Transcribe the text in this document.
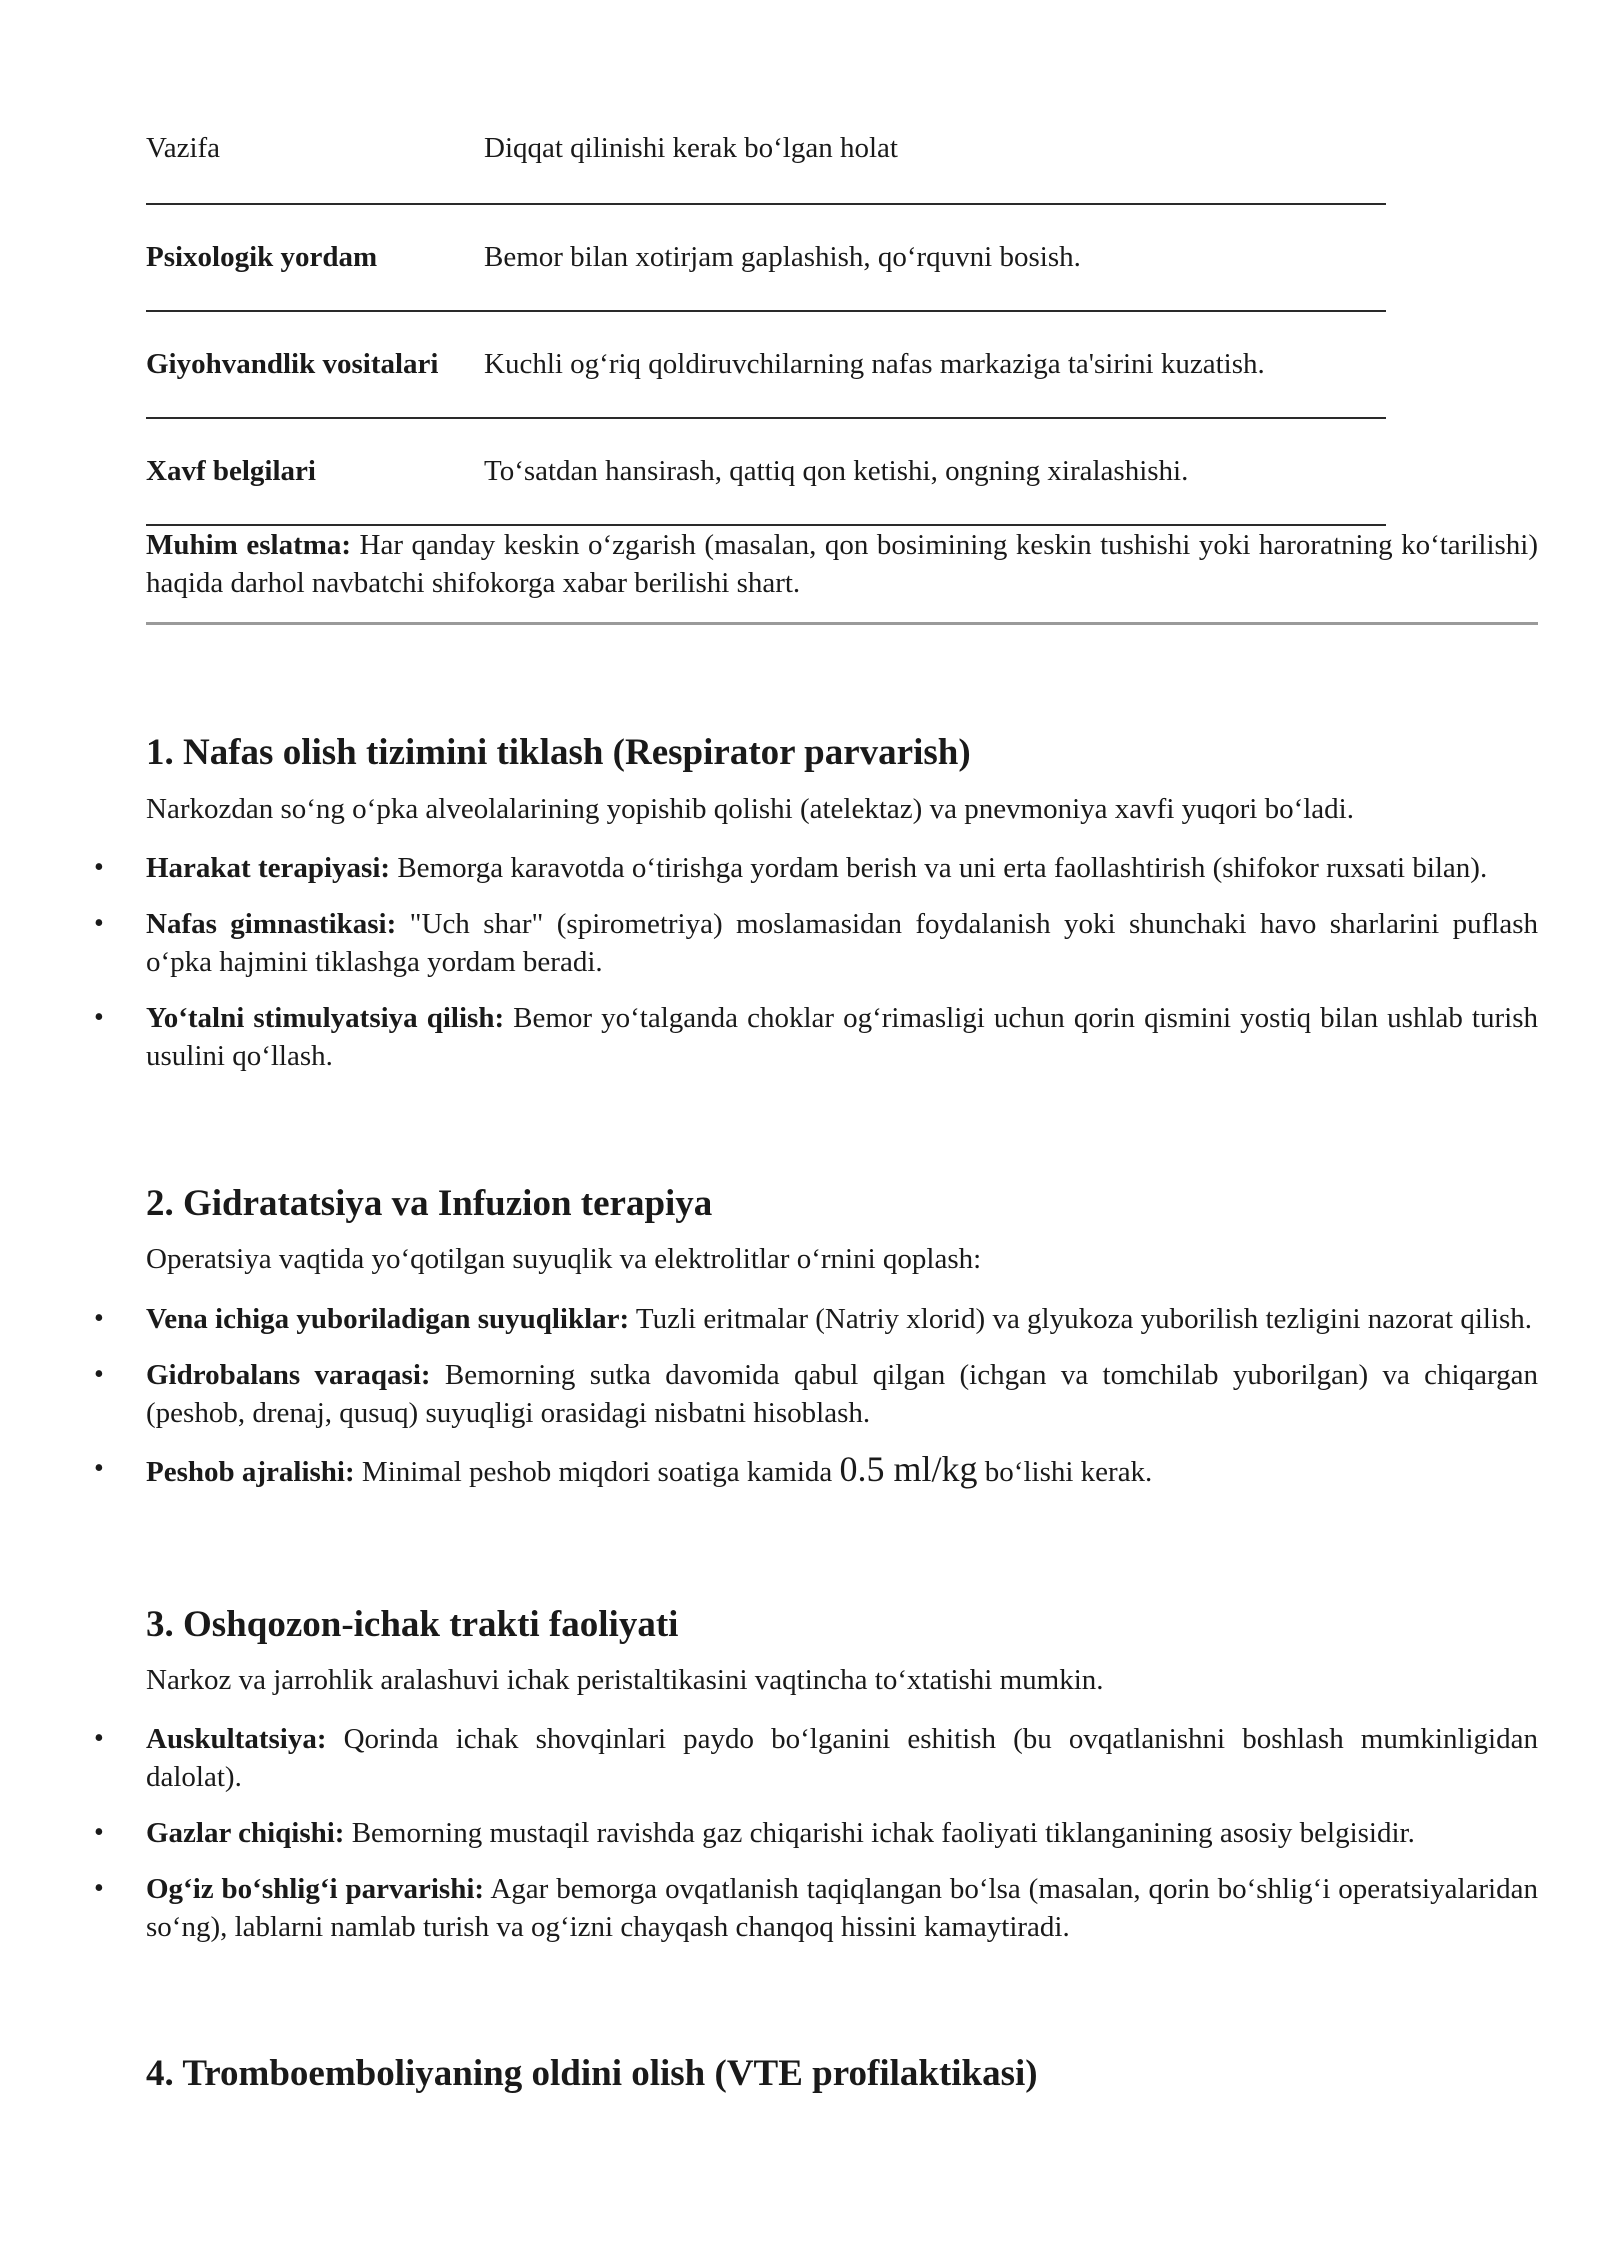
Vazifa	Diqqat qilinishi kerak bo‘lgan holat
Psixologik yordam	Bemor bilan xotirjam gaplashish, qo‘rquvni bosish.
Giyohvandlik vositalari	Kuchli og‘riq qoldiruvchilarning nafas markaziga ta'sirini kuzatish.
Xavf belgilari	To‘satdan hansirash, qattiq qon ketishi, ongning xiralashishi.
Muhim eslatma: Har qanday keskin o‘zgarish (masalan, qon bosimining keskin tushishi yoki haroratning ko‘tarilishi) haqida darhol navbatchi shifokorga xabar berilishi shart.
1. Nafas olish tizimini tiklash (Respirator parvarish)

Narkozdan so‘ng o‘pka alveolalarining yopishib qolishi (atelektaz) va pnevmoniya xavfi yuqori bo‘ladi.

• Harakat terapiyasi: Bemorga karavotda o‘tirishga yordam berish va uni erta faollashtirish (shifokor ruxsati bilan).
• Nafas gimnastikasi: "Uch shar" (spirometriya) moslamasidan foydalanish yoki shunchaki havo sharlarini puflash o‘pka hajmini tiklashga yordam beradi.
• Yo‘talni stimulyatsiya qilish: Bemor yo‘talganda choklar og‘rimasligi uchun qorin qismini yostiq bilan ushlab turish usulini qo‘llash.
2. Gidratatsiya va Infuzion terapiya

Operatsiya vaqtida yo‘qotilgan suyuqlik va elektrolitlar o‘rnini qoplash:

• Vena ichiga yuboriladigan suyuqliklar: Tuzli eritmalar (Natriy xlorid) va glyukoza yuborilish tezligini nazorat qilish.
• Gidrobalans varaqasi: Bemorning sutka davomida qabul qilgan (ichgan va tomchilab yuborilgan) va chiqargan (peshob, drenaj, qusuq) suyuqligi orasidagi nisbatni hisoblash.
• Peshob ajralishi: Minimal peshob miqdori soatiga kamida 0.5 ml/kg bo‘lishi kerak.
3. Oshqozon-ichak trakti faoliyati

Narkoz va jarrohlik aralashuvi ichak peristaltikasini vaqtincha to‘xtatishi mumkin.

• Auskultatsiya: Qorinda ichak shovqinlari paydo bo‘lganini eshitish (bu ovqatlanishni boshlash mumkinligidan dalolat).
• Gazlar chiqishi: Bemorning mustaqil ravishda gaz chiqarishi ichak faoliyati tiklanganining asosiy belgisidir.
• Og‘iz bo‘shlig‘i parvarishi: Agar bemorga ovqatlanish taqiqlangan bo‘lsa (masalan, qorin bo‘shlig‘i operatsiyalaridan so‘ng), lablarni namlab turish va og‘izni chayqash chanqoq hissini kamaytiradi.
4. Tromboemboliyaning oldini olish (VTE profilaktikasi)
